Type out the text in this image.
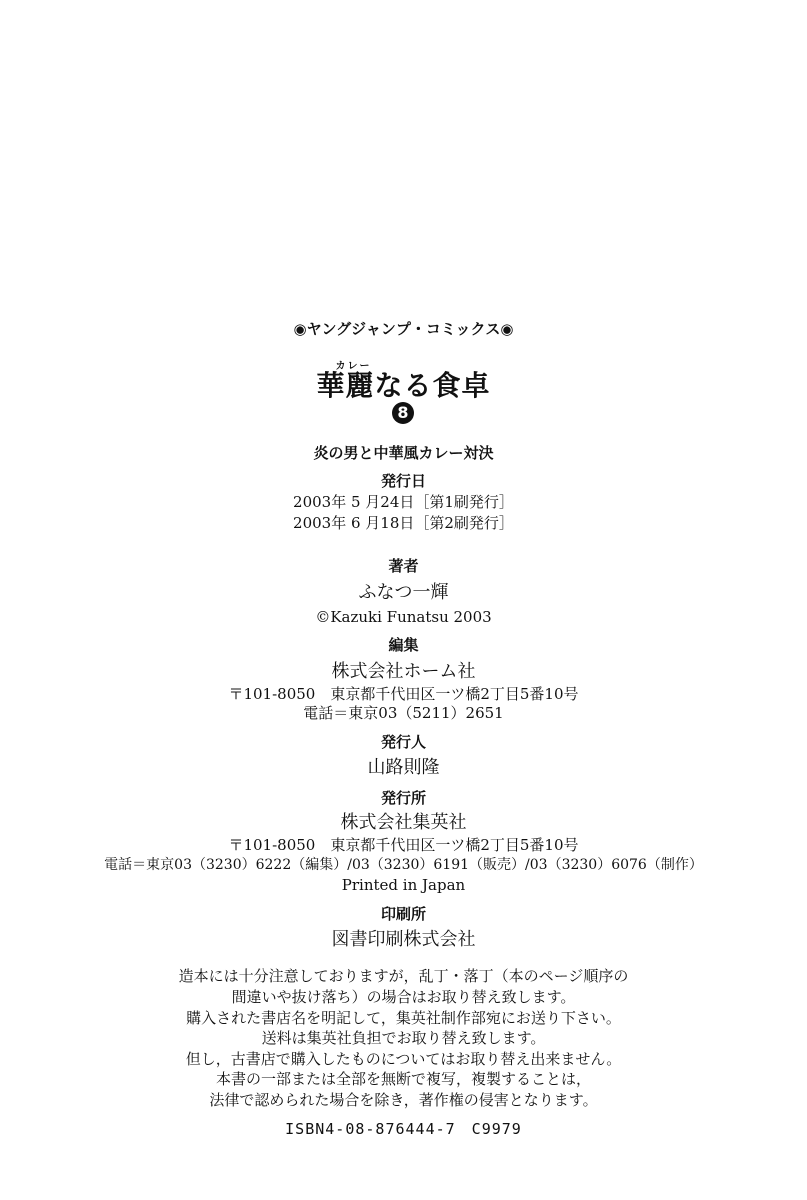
◉ヤングジャンプ・コミックス◉
カレー
華麗なる食卓
8
炎の男と中華風カレー対決
発行日
2003年 5 月24日［第1刷発行］
2003年 6 月18日［第2刷発行］
著者
ふなつ一輝
©Kazuki Funatsu 2003
編集
株式会社ホーム社
〒101-8050　東京都千代田区一ツ橋2丁目5番10号
電話＝東京03（5211）2651
発行人
山路則隆
発行所
株式会社集英社
〒101-8050　東京都千代田区一ツ橋2丁目5番10号
電話＝東京03（3230）6222（編集）/03（3230）6191（販売）/03（3230）6076（制作）
Printed in Japan
印刷所
図書印刷株式会社
造本には十分注意しておりますが，乱丁・落丁（本のページ順序の
間違いや抜け落ち）の場合はお取り替え致します。
購入された書店名を明記して，集英社制作部宛にお送り下さい。
送料は集英社負担でお取り替え致します。
但し，古書店で購入したものについてはお取り替え出来ません。
本書の一部または全部を無断で複写，複製することは，
法律で認められた場合を除き，著作権の侵害となります。
ISBN4-08-876444-7　C9979
